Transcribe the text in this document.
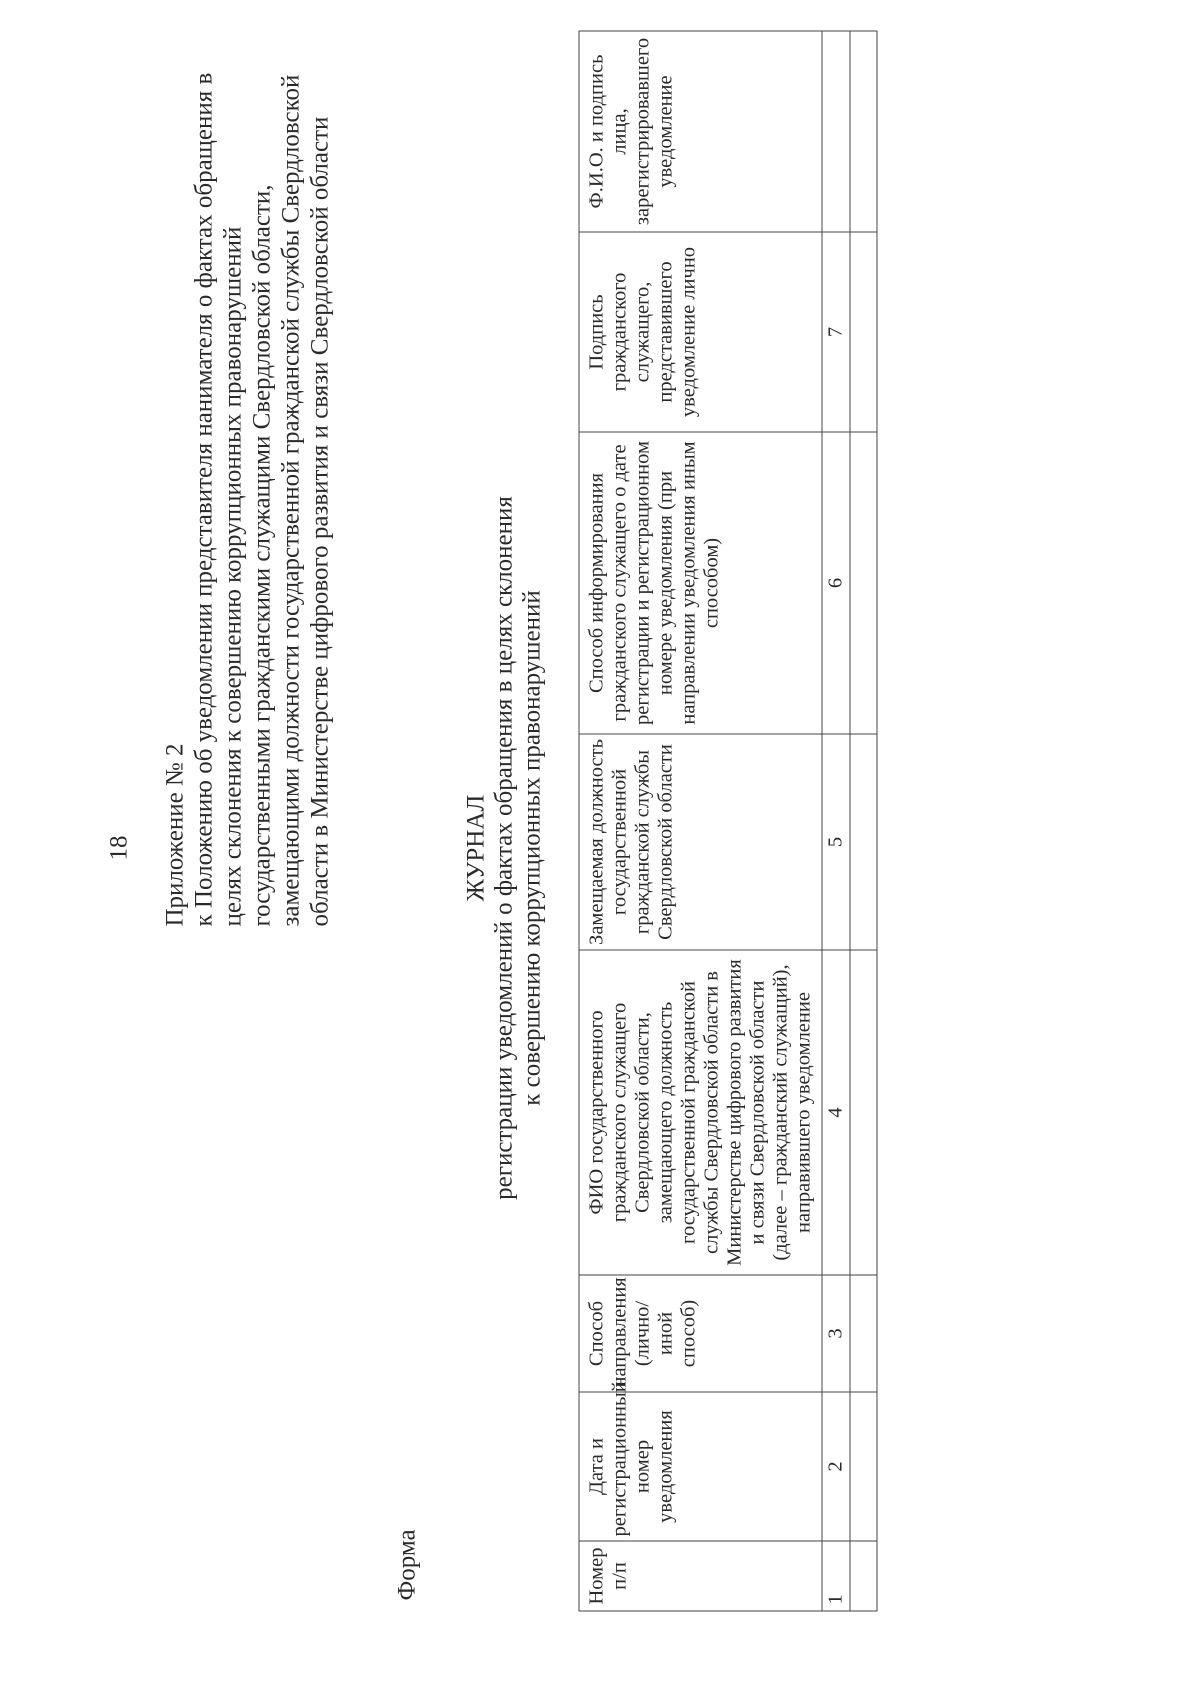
18 Приложение № 2 к Положению об уведомлении представителя нанимателя о фактах обращения в целях склонения к совершению коррупционных правонарушений государственными гражданскими служащими Свердловской области, замещающими должности государственной гражданской службы Свердловской области в Министерстве цифрового развития и связи Свердловской области

Форма

ЖУРНАЛ регистрации уведомлений о фактах обращения в целях склонения к совершению коррупционных правонарушений
Номер п/п	Дата и регистрационный номер уведомления	Способ направления (лично/иной способ)	ФИО государственного гражданского служащего Свердловской области, замещающего должность государственной гражданской службы Свердловской области в Министерстве цифрового развития и связи Свердловской области (далее – гражданский служащий), направившего уведомление	Замещаемая должность государственной гражданской службы Свердловской области	Способ информирования гражданского служащего о дате регистрации и регистрационном номере уведомления (при направлении уведомления иным способом)	Подпись гражданского служащего, представившего уведомление лично	Ф.И.О. и подпись лица, зарегистрировавшего уведомление
1	2	3	4	5	6	7	
